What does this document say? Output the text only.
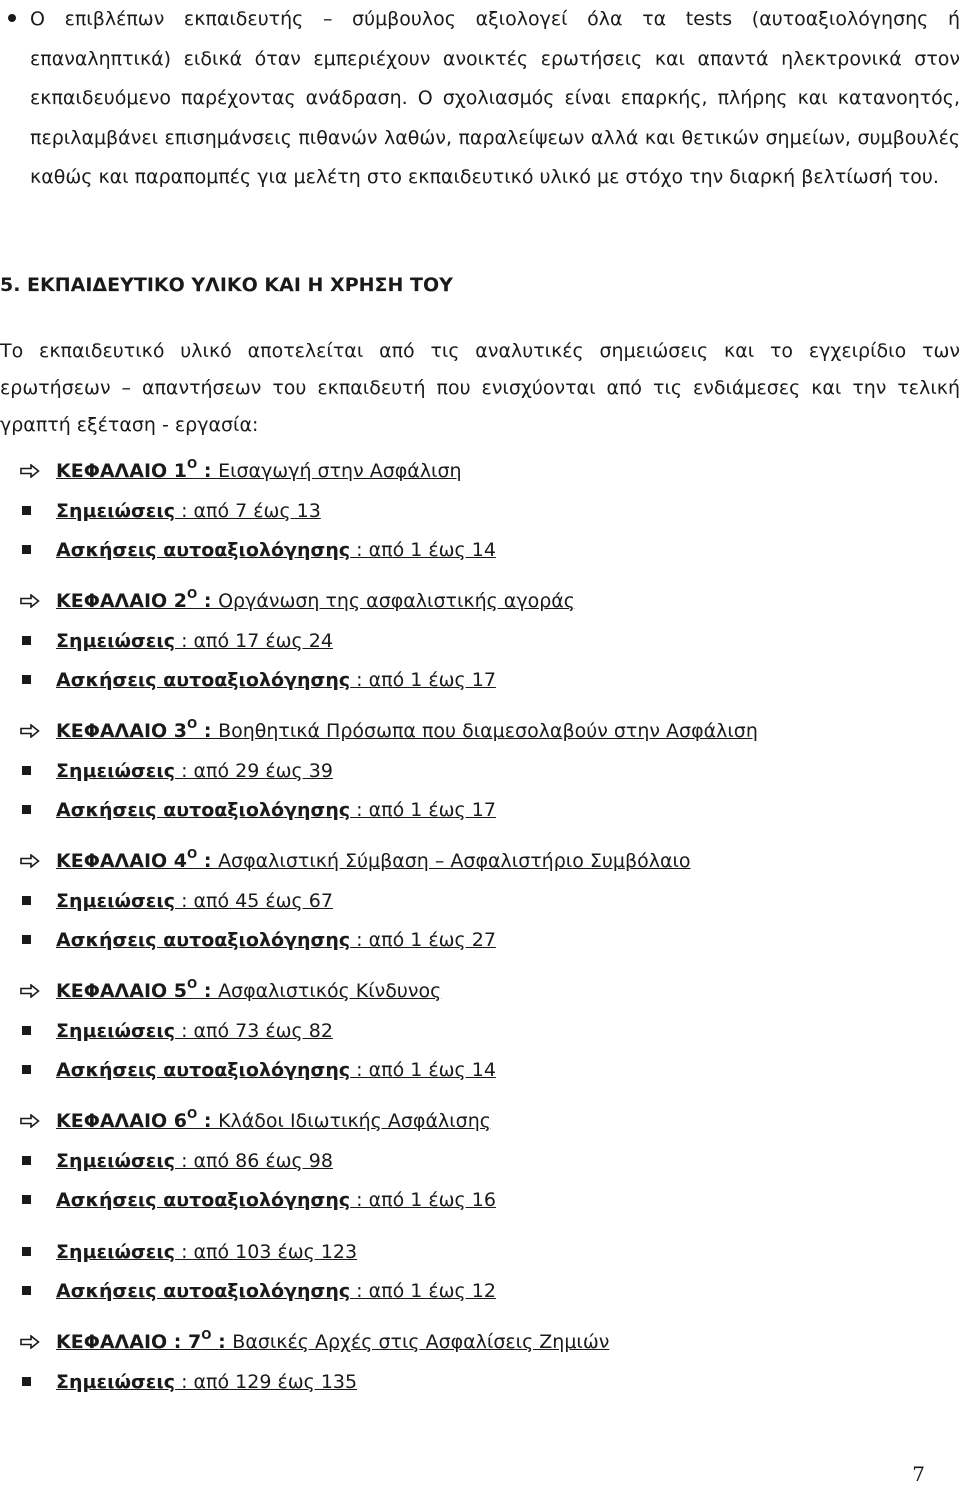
Ο επιβλέπων εκπαιδευτής – σύμβουλος αξιολογεί όλα τα tests (αυτοαξιολόγησης ή επαναληπτικά) ειδικά όταν εμπεριέχουν ανοικτές ερωτήσεις και απαντά ηλεκτρονικά στον εκπαιδευόμενο παρέχοντας ανάδραση. Ο σχολιασμός είναι επαρκής, πλήρης και κατανοητός, περιλαμβάνει επισημάνσεις πιθανών λαθών, παραλείψεων αλλά και θετικών σημείων, συμβουλές καθώς και παραπομπές για μελέτη στο εκπαιδευτικό υλικό με στόχο την διαρκή βελτίωσή του.

5. ΕΚΠΑΙΔΕΥΤΙΚΟ ΥΛΙΚΟ ΚΑΙ Η ΧΡΗΣΗ ΤΟΥ

Το εκπαιδευτικό υλικό αποτελείται από τις αναλυτικές σημειώσεις και το εγχειρίδιο των ερωτήσεων – απαντήσεων του εκπαιδευτή που ενισχύονται από τις ενδιάμεσες και την τελική γραπτή εξέταση - εργασία:

ΚΕΦΑΛΑΙΟ $1^O$ : Εισαγωγή στην Ασφάλιση
Σημειώσεις : από 7 έως 13
Ασκήσεις αυτοαξιολόγησης : από 1 έως 14
ΚΕΦΑΛΑΙΟ $2^O$ : Οργάνωση της ασφαλιστικής αγοράς
Σημειώσεις : από 17 έως 24
Ασκήσεις αυτοαξιολόγησης : από 1 έως 17
ΚΕΦΑΛΑΙΟ $3^O$ : Βοηθητικά Πρόσωπα που διαμεσολαβούν στην Ασφάλιση
Σημειώσεις : από 29 έως 39
Ασκήσεις αυτοαξιολόγησης : από 1 έως 17
ΚΕΦΑΛΑΙΟ $4^O$ : Ασφαλιστική Σύμβαση – Ασφαλιστήριο Συμβόλαιο
Σημειώσεις : από 45 έως 67
Ασκήσεις αυτοαξιολόγησης : από 1 έως 27
ΚΕΦΑΛΑΙΟ $5^O$ : Ασφαλιστικός Κίνδυνος
Σημειώσεις : από 73 έως 82
Ασκήσεις αυτοαξιολόγησης : από 1 έως 14
ΚΕΦΑΛΑΙΟ $6^O$ : Κλάδοι Ιδιωτικής Ασφάλισης
Σημειώσεις : από 86 έως 98
Ασκήσεις αυτοαξιολόγησης : από 1 έως 16
Σημειώσεις : από 103 έως 123
Ασκήσεις αυτοαξιολόγησης : από 1 έως 12
ΚΕΦΑΛΑΙΟ : $7^O$ : Βασικές Αρχές στις Ασφαλίσεις Ζημιών
Σημειώσεις : από 129 έως 135
7
